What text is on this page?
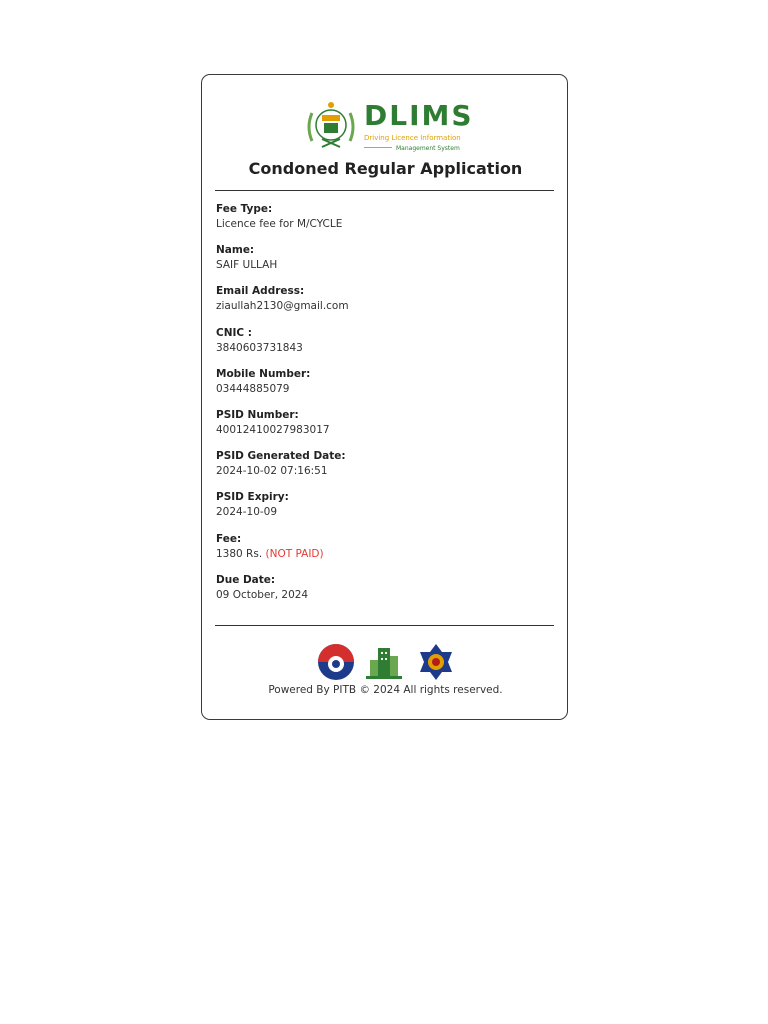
DLIMS
Driving Licence Information
Management System
Condoned Regular Application
Fee Type:
Licence fee for M/CYCLE
Name:
SAIF ULLAH
Email Address:
ziaullah2130@gmail.com
CNIC :
3840603731843
Mobile Number:
03444885079
PSID Number:
40012410027983017
PSID Generated Date:
2024-10-02 07:16:51
PSID Expiry:
2024-10-09
Fee:
1380 Rs. (NOT PAID)
Due Date:
09 October, 2024
Powered By PITB © 2024 All rights reserved.
